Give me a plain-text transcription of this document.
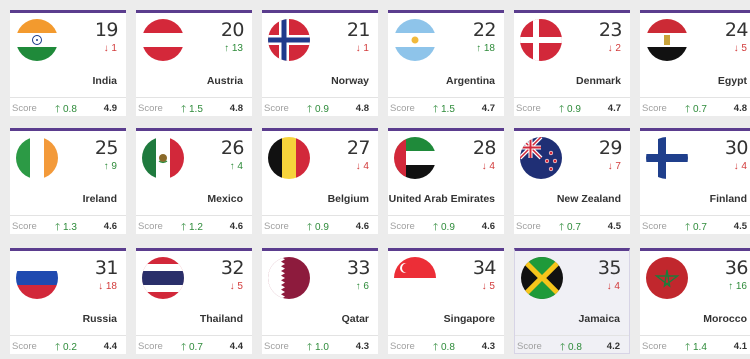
19
↓ 1
India
Score 🡑 0.8	4.9
20
↑ 13
Austria
Score 🡑 1.5	4.8
21
↓ 1
Norway
Score 🡑 0.9	4.8
22
↑ 18
Argentina
Score 🡑 1.5	4.7
23
↓ 2
Denmark
Score 🡑 0.9	4.7
24
↓ 5
Egypt
Score 🡑 0.7	4.8
25
↑ 9
Ireland
Score 🡑 1.3	4.6
26
↑ 4
Mexico
Score 🡑 1.2	4.6
27
↓ 4
Belgium
Score 🡑 0.9	4.6
28
↓ 4
United Arab Emirates
Score 🡑 0.9	4.6
29
↓ 7
New Zealand
Score 🡑 0.7	4.5
30
↓ 4
Finland
Score 🡑 0.7	4.5
31
↓ 18
Russia
Score 🡑 0.2	4.4
32
↓ 5
Thailand
Score 🡑 0.7	4.4
33
↑ 6
Qatar
Score 🡑 1.0	4.3
34
↓ 5
Singapore
Score 🡑 0.8	4.3
35
↓ 4
Jamaica
Score 🡑 0.8	4.2
36
↑ 16
Morocco
Score 🡑 1.4	4.1
